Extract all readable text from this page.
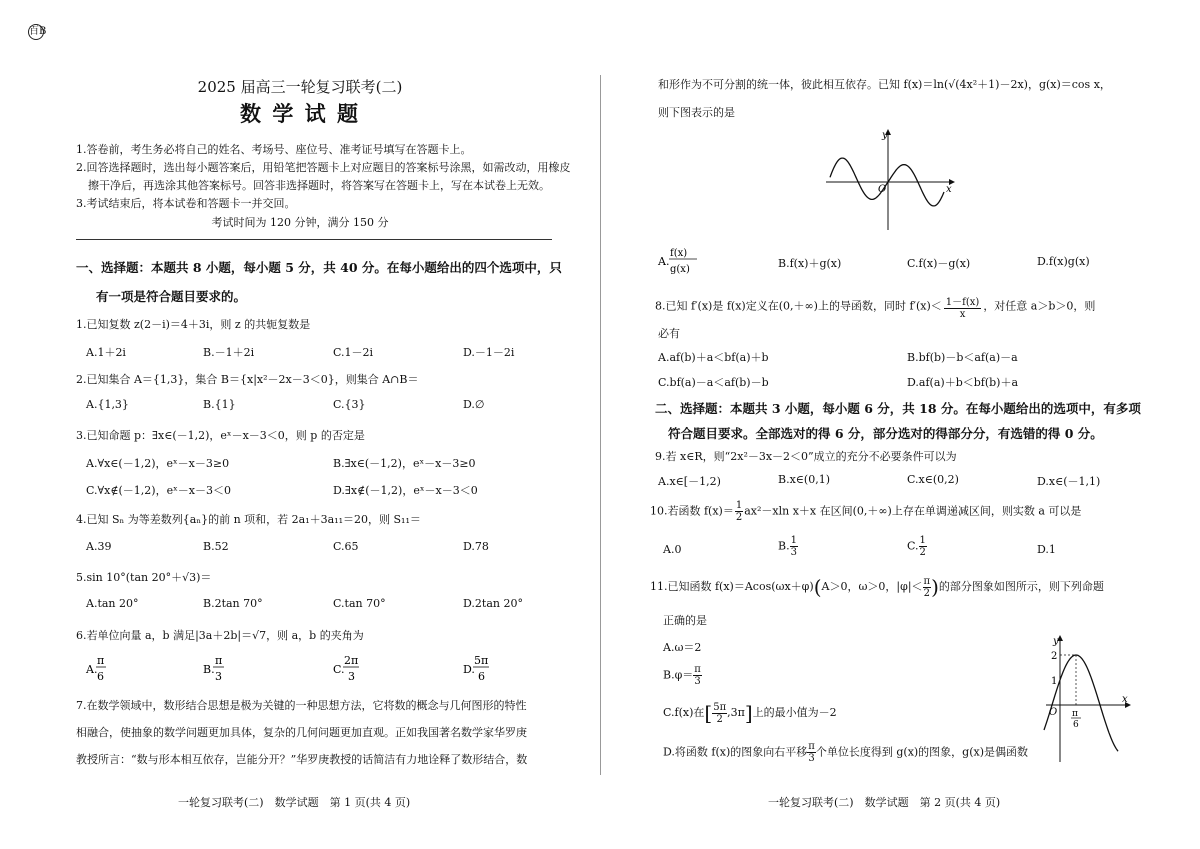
百B
2025 届高三一轮复习联考(二)
数 学 试 题
1.答卷前，考生务必将自己的姓名、考场号、座位号、准考证号填写在答题卡上。
2.回答选择题时，选出每小题答案后，用铅笔把答题卡上对应题目的答案标号涂黑，如需改动，用橡皮
擦干净后，再选涂其他答案标号。回答非选择题时，将答案写在答题卡上，写在本试卷上无效。
3.考试结束后，将本试卷和答题卡一并交回。
考试时间为 120 分钟，满分 150 分
一、选择题：本题共 8 小题，每小题 5 分，共 40 分。在每小题给出的四个选项中，只
有一项是符合题目要求的。
1.已知复数 z(2－i)＝4＋3i，则 z 的共轭复数是
A.1＋2i	B.－1＋2i	C.1－2i	D.－1－2i
2.已知集合 A＝{1,3}，集合 B＝{x|x²－2x－3＜0}，则集合 A∩B＝
A.{1,3}	B.{1}	C.{3}	D.∅
3.已知命题 p：∃x∈(－1,2)，eˣ－x－3＜0，则 p 的否定是
A.∀x∈(－1,2)，eˣ－x－3≥0	B.∃x∈(－1,2)，eˣ－x－3≥0
C.∀x∉(－1,2)，eˣ－x－3＜0	D.∃x∉(－1,2)，eˣ－x－3＜0
4.已知 Sₙ 为等差数列{aₙ}的前 n 项和，若 2a₁＋3a₁₁＝20，则 S₁₁＝
A.39	B.52	C.65	D.78
5.sin 10°(tan 20°＋√3)＝
A.tan 20°	B.2tan 70°	C.tan 70°	D.2tan 20°
6.若单位向量 a，b 满足|3a＋2b|＝√7，则 a，b 的夹角为
A.
π
6
B.
π
3
C.
2π
3
D.
5π
6
7.在数学领域中，数形结合思想是极为关键的一种思想方法，它将数的概念与几何图形的特性
相融合，使抽象的数学问题更加具体，复杂的几何问题更加直观。正如我国著名数学家华罗庚
教授所言：“数与形本相互依存，岂能分开？”华罗庚教授的话简洁有力地诠释了数形结合，数
一轮复习联考(二)　数学试题　第 1 页(共 4 页)
和形作为不可分割的统一体，彼此相互依存。已知 f(x)＝ln(√(4x²＋1)－2x)，g(x)＝cos x，
则下图表示的是
x
y
O
A.
f(x)
g(x)	B.f(x)＋g(x)	C.f(x)－g(x)	D.f(x)g(x)
8.已知 f′(x)是 f(x)定义在(0,＋∞)上的导函数，同时 $f'(x)< \frac{1-f(x)}{x}$ ，对任意 a＞b＞0，则
必有
A.af(b)＋a＜bf(a)＋b	B.bf(b)－b＜af(a)－a
C.bf(a)－a＜af(b)－b	D.af(a)＋b＜bf(b)＋a
二、选择题：本题共 3 小题，每小题 6 分，共 18 分。在每小题给出的选项中，有多项
符合题目要求。全部选对的得 6 分，部分选对的得部分分，有选错的得 0 分。
9.若 x∈R，则“2x²－3x－2＜0”成立的充分不必要条件可以为
A.x∈[－1,2)	B.x∈(0,1)	C.x∈(0,2)	D.x∈(－1,1)
10.若函数 $f(x)= \frac{1}{2} ax^2-xln$ x＋x 在区间(0,＋∞)上存在单调递减区间，则实数 a 可以是
A.0	B. $\frac{1}{3}$	C. $\frac{1}{2}$	D.1
11.已知函数 f(x)＝Acos(ωx＋φ)(A＞0，ω＞0，$|\varphi|< \frac{\pi}{2}$ )的部分图象如图所示，则下列命题
正确的是
A.ω＝2
$B.\varphi= \frac{\pi}{3}$
C.f(x)在[ $\frac{5\pi}{2} ,3\pi$]上的最小值为－2
D.将函数 f(x)的图象向右平移 $\frac{\pi}{3}$ 个单位长度得到 g(x)的图象，g(x)是偶函数
y
x
O
2
1
π
6
一轮复习联考(二)　数学试题　第 2 页(共 4 页)
